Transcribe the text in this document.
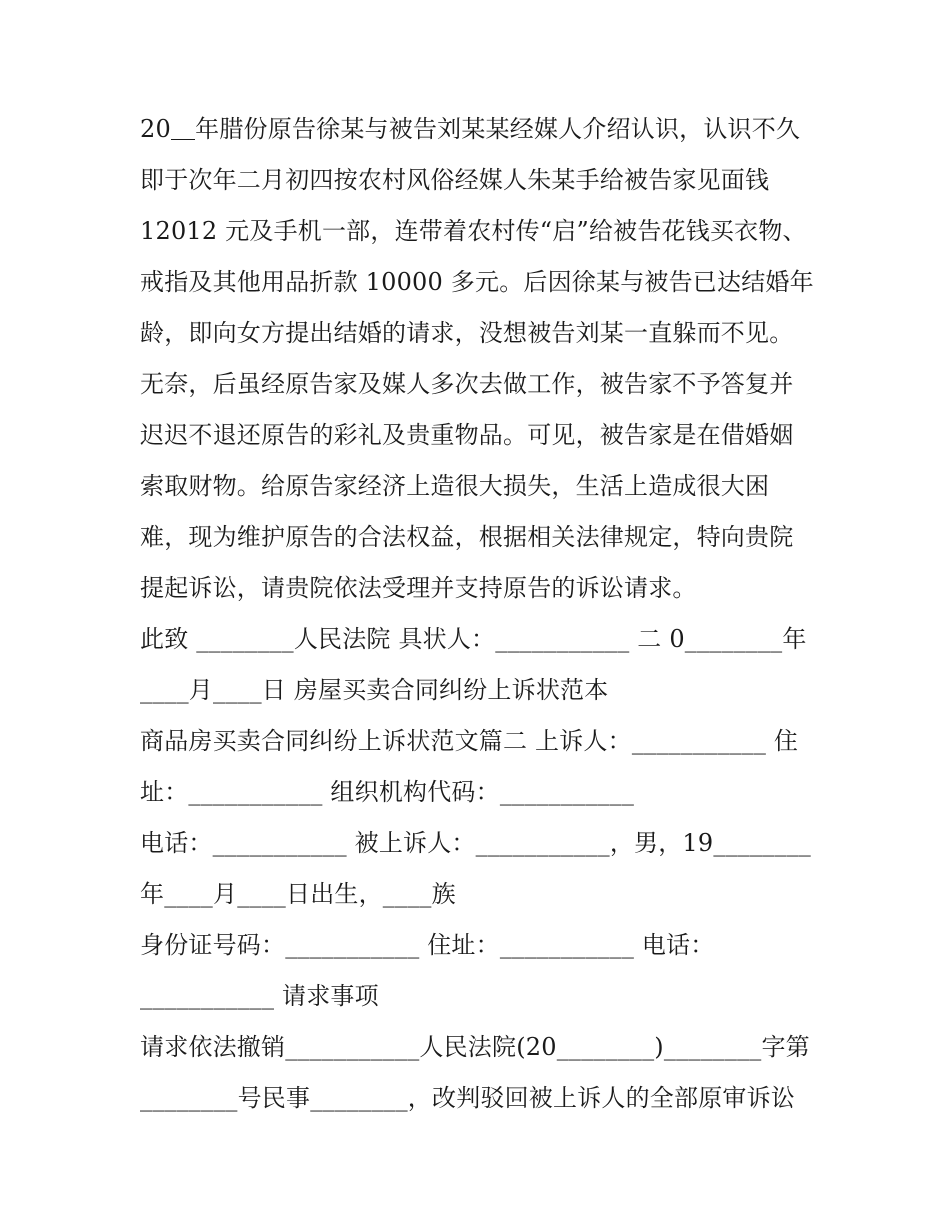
20＿年腊份原告徐某与被告刘某某经媒人介绍认识，认识不久
即于次年二月初四按农村风俗经媒人朱某手给被告家见面钱
12012 元及手机一部，连带着农村传“启”给被告花钱买衣物、
戒指及其他用品折款 10000 多元。后因徐某与被告已达结婚年
龄，即向女方提出结婚的请求，没想被告刘某一直躲而不见。
无奈，后虽经原告家及媒人多次去做工作，被告家不予答复并
迟迟不退还原告的彩礼及贵重物品。可见，被告家是在借婚姻
索取财物。给原告家经济上造很大损失，生活上造成很大困
难，现为维护原告的合法权益，根据相关法律规定，特向贵院
提起诉讼，请贵院依法受理并支持原告的诉讼请求。
此致 ________人民法院 具状人：___________ 二 0________年
____月____日 房屋买卖合同纠纷上诉状范本
商品房买卖合同纠纷上诉状范文篇二 上诉人：___________ 住
址：___________ 组织机构代码：___________
电话：___________ 被上诉人：___________，男，19________
年____月____日出生，____族
身份证号码：___________ 住址：___________ 电话：
___________ 请求事项
请求依法撤销___________人民法院(20________)________字第
________号民事________，改判驳回被上诉人的全部原审诉讼
